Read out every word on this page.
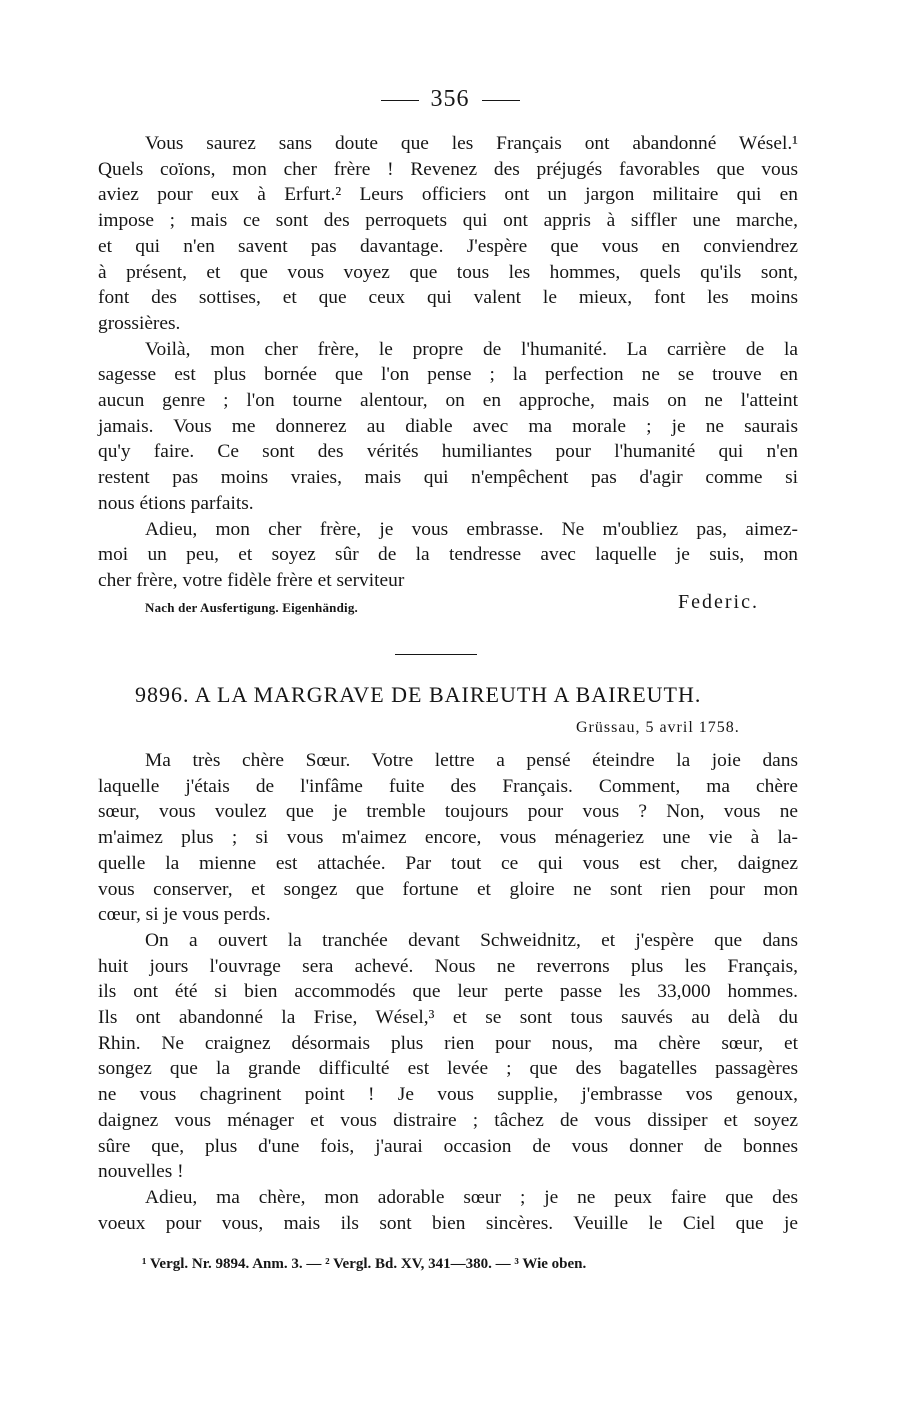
356
Vous saurez sans doute que les Français ont abandonné Wésel.¹
Quels coïons, mon cher frère ! Revenez des préjugés favorables que vous
aviez pour eux à Erfurt.² Leurs officiers ont un jargon militaire qui en
impose ; mais ce sont des perroquets qui ont appris à siffler une marche,
et qui n'en savent pas davantage. J'espère que vous en conviendrez
à présent, et que vous voyez que tous les hommes, quels qu'ils sont,
font des sottises, et que ceux qui valent le mieux, font les moins
grossières.
Voilà, mon cher frère, le propre de l'humanité. La carrière de la
sagesse est plus bornée que l'on pense ; la perfection ne se trouve en
aucun genre ; l'on tourne alentour, on en approche, mais on ne l'atteint
jamais. Vous me donnerez au diable avec ma morale ; je ne saurais
qu'y faire. Ce sont des vérités humiliantes pour l'humanité qui n'en
restent pas moins vraies, mais qui n'empêchent pas d'agir comme si
nous étions parfaits.
Adieu, mon cher frère, je vous embrasse. Ne m'oubliez pas, aimez-
moi un peu, et soyez sûr de la tendresse avec laquelle je suis, mon
cher frère, votre fidèle frère et serviteur
Nach der Ausfertigung. Eigenhändig.	Federic.
9896. A LA MARGRAVE DE BAIREUTH A BAIREUTH.
Grüssau, 5 avril 1758.
Ma très chère Sœur. Votre lettre a pensé éteindre la joie dans
laquelle j'étais de l'infâme fuite des Français. Comment, ma chère
sœur, vous voulez que je tremble toujours pour vous ? Non, vous ne
m'aimez plus ; si vous m'aimez encore, vous ménageriez une vie à la-
quelle la mienne est attachée. Par tout ce qui vous est cher, daignez
vous conserver, et songez que fortune et gloire ne sont rien pour mon
cœur, si je vous perds.
On a ouvert la tranchée devant Schweidnitz, et j'espère que dans
huit jours l'ouvrage sera achevé. Nous ne reverrons plus les Français,
ils ont été si bien accommodés que leur perte passe les 33,000 hommes.
Ils ont abandonné la Frise, Wésel,³ et se sont tous sauvés au delà du
Rhin. Ne craignez désormais plus rien pour nous, ma chère sœur, et
songez que la grande difficulté est levée ; que des bagatelles passagères
ne vous chagrinent point ! Je vous supplie, j'embrasse vos genoux,
daignez vous ménager et vous distraire ; tâchez de vous dissiper et soyez
sûre que, plus d'une fois, j'aurai occasion de vous donner de bonnes
nouvelles !
Adieu, ma chère, mon adorable sœur ; je ne peux faire que des
voeux pour vous, mais ils sont bien sincères. Veuille le Ciel que je
¹ Vergl. Nr. 9894. Anm. 3. — ² Vergl. Bd. XV, 341—380. — ³ Wie oben.
